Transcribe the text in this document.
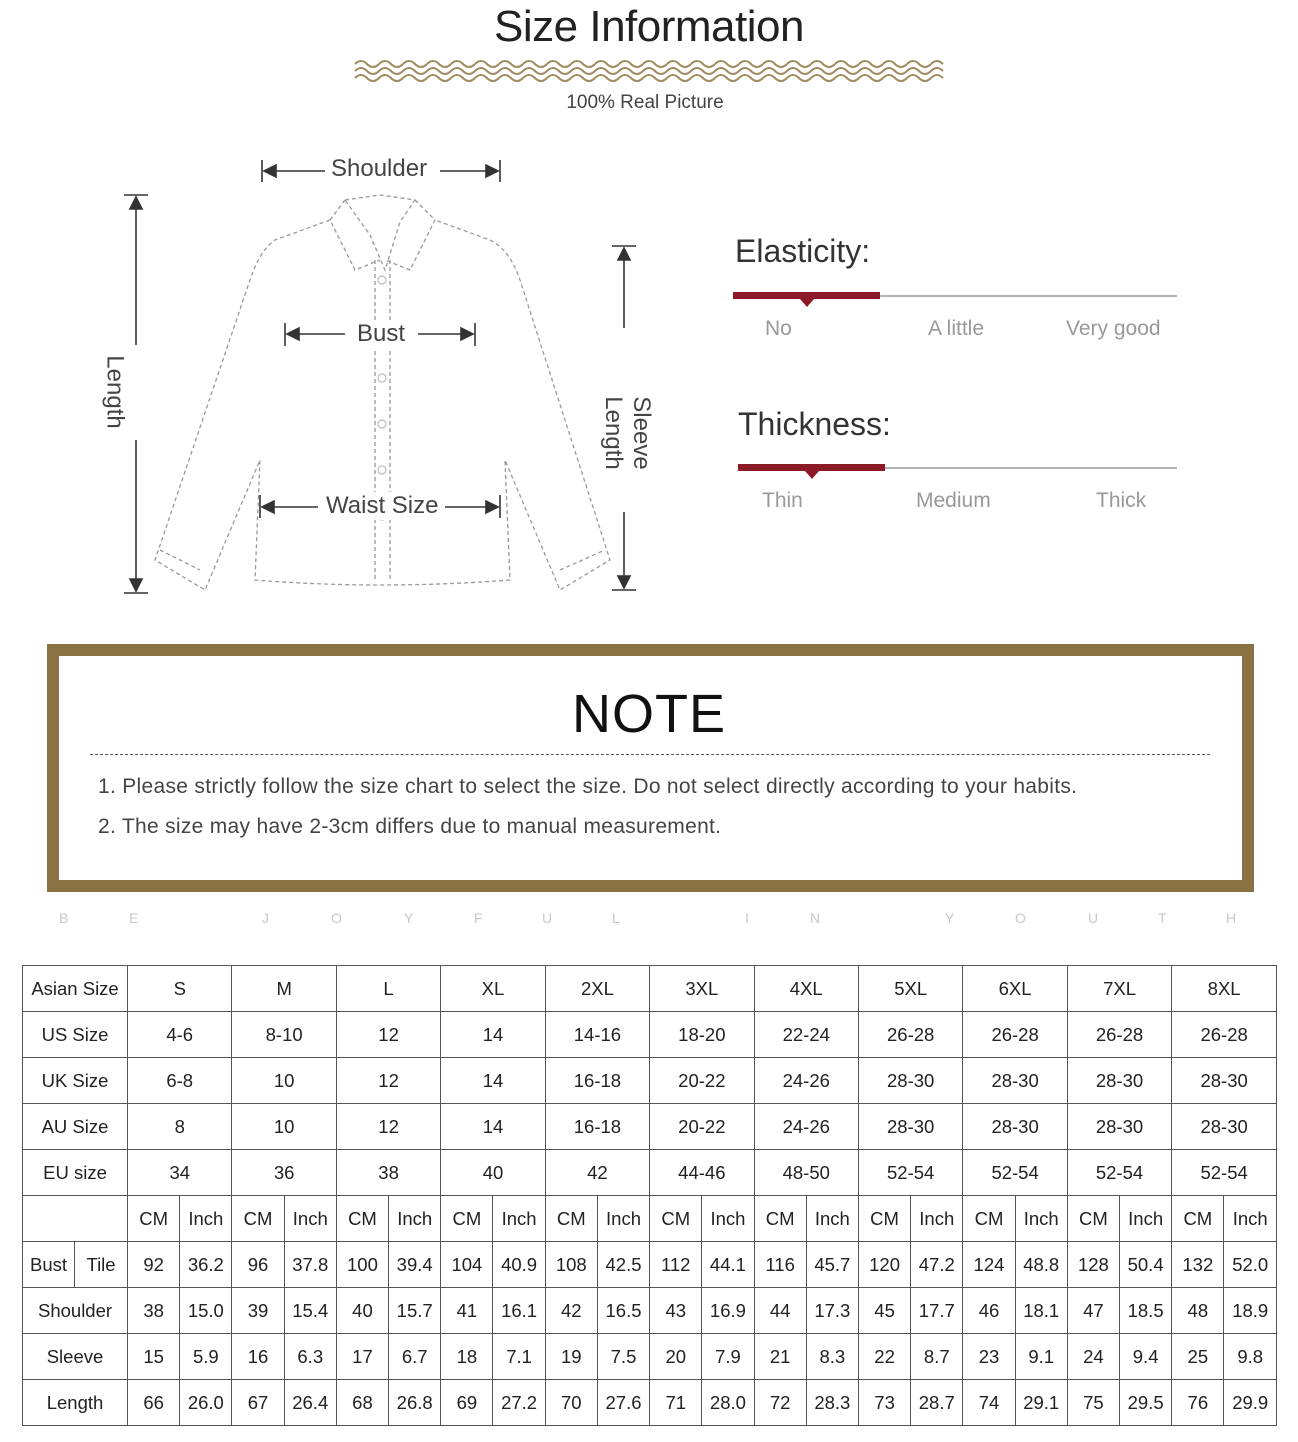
Size Information
100% Real Picture
Shoulder
Bust
Waist Size
Length
Sleeve Length
Elasticity:
No	A little	Very good
Thickness:
Thin	Medium	Thick
NOTE
1. Please strictly follow the size chart to select the size. Do not select directly according to your habits.
2. The size may have 2-3cm differs due to manual measurement.
B	E	J	O	Y	F	U	L	I	N	Y	O	U	T	H
Asian Size		S		M		L		XL		2XL		3XL		4XL		5XL		6XL		7XL		8XL	
US Size		4-6		8-10		12		14		14-16		18-20		22-24		26-28		26-28		26-28		26-28	
UK Size		6-8		10		12		14		16-18		20-22		24-26		28-30		28-30		28-30		28-30	
AU Size		8		10		12		14		16-18		20-22		24-26		28-30		28-30		28-30		28-30	
EU size		34		36		38		40		42		44-46		48-50		52-54		52-54		52-54		52-54	
		CM	Inch	CM	Inch	CM	Inch	CM	Inch	CM	Inch	CM	Inch	CM	Inch	CM	Inch	CM	Inch	CM	Inch	CM	Inch
Bust	Tile	92	36.2	96	37.8	100	39.4	104	40.9	108	42.5	112	44.1	116	45.7	120	47.2	124	48.8	128	50.4	132	52.0
Shoulder		38	15.0	39	15.4	40	15.7	41	16.1	42	16.5	43	16.9	44	17.3	45	17.7	46	18.1	47	18.5	48	18.9
Sleeve		15	5.9	16	6.3	17	6.7	18	7.1	19	7.5	20	7.9	21	8.3	22	8.7	23	9.1	24	9.4	25	9.8
Length		66	26.0	67	26.4	68	26.8	69	27.2	70	27.6	71	28.0	72	28.3	73	28.7	74	29.1	75	29.5	76	29.9
